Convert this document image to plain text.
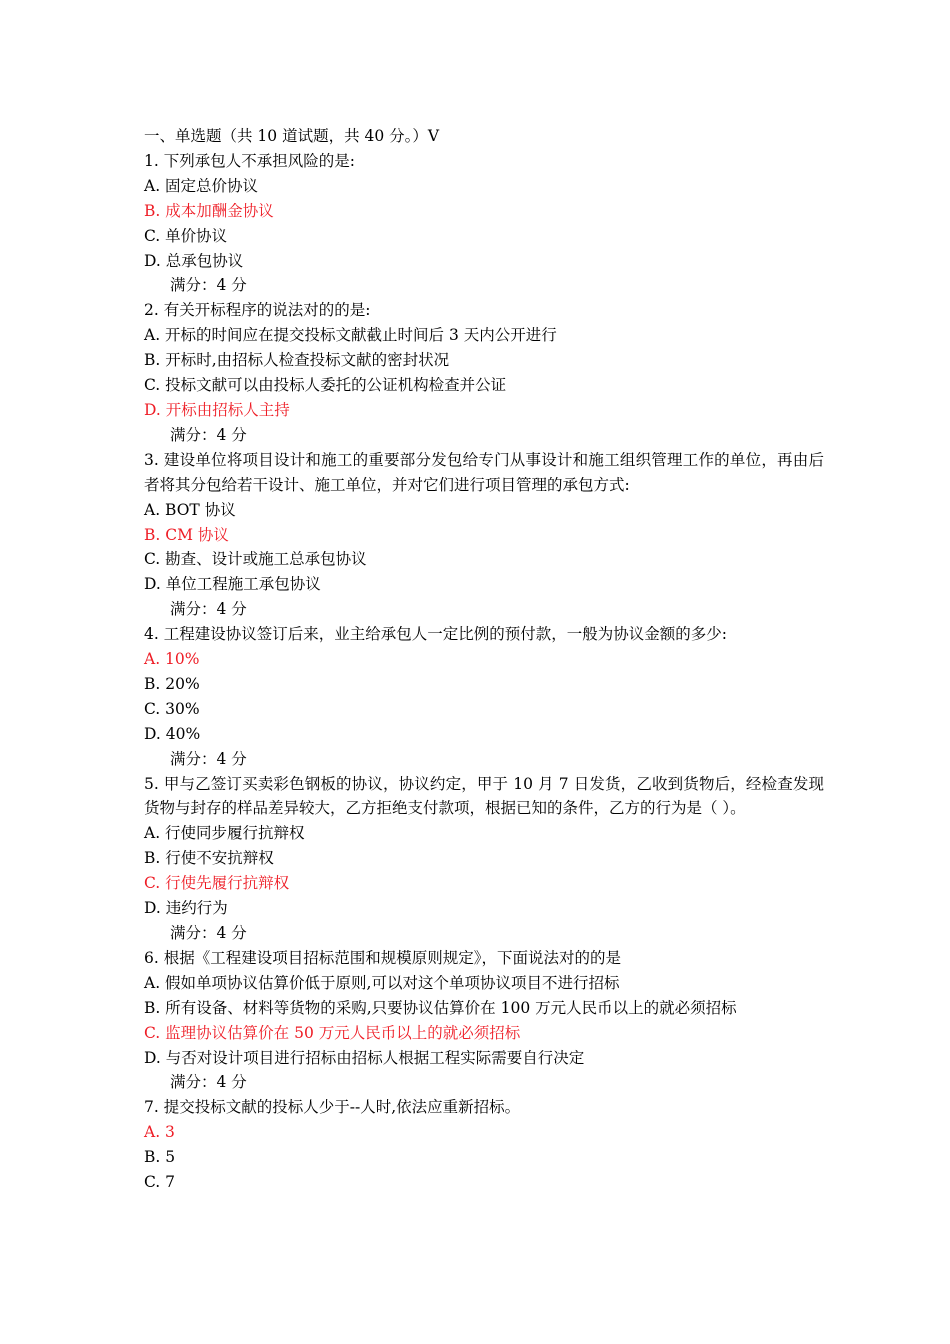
一、单选题（共 10 道试题，共 40 分。）V
1. 下列承包人不承担风险的是:
A. 固定总价协议
B. 成本加酬金协议
C. 单价协议
D. 总承包协议
满分：4 分
2. 有关开标程序的说法对的的是:
A. 开标的时间应在提交投标文献截止时间后 3 天内公开进行
B. 开标时,由招标人检查投标文献的密封状况
C. 投标文献可以由投标人委托的公证机构检查并公证
D. 开标由招标人主持
满分：4 分
3. 建设单位将项目设计和施工的重要部分发包给专门从事设计和施工组织管理工作的单位，再由后者将其分包给若干设计、施工单位，并对它们进行项目管理的承包方式:
A. BOT 协议
B. CM 协议
C. 勘查、设计或施工总承包协议
D. 单位工程施工承包协议
满分：4 分
4. 工程建设协议签订后来，业主给承包人一定比例的预付款，一般为协议金额的多少:
A. 10%
B. 20%
C. 30%
D. 40%
满分：4 分
5. 甲与乙签订买卖彩色钢板的协议，协议约定，甲于 10 月 7 日发货，乙收到货物后，经检查发现货物与封存的样品差异较大，乙方拒绝支付款项，根据已知的条件，乙方的行为是（ ）。
A. 行使同步履行抗辩权
B. 行使不安抗辩权
C. 行使先履行抗辩权
D. 违约行为
满分：4 分
6. 根据《工程建设项目招标范围和规模原则规定》，下面说法对的的是
A. 假如单项协议估算价低于原则,可以对这个单项协议项目不进行招标
B. 所有设备、材料等货物的采购,只要协议估算价在 100 万元人民币以上的就必须招标
C. 监理协议估算价在 50 万元人民币以上的就必须招标
D. 与否对设计项目进行招标由招标人根据工程实际需要自行决定
满分：4 分
7. 提交投标文献的投标人少于--人时,依法应重新招标。
A. 3
B. 5
C. 7
